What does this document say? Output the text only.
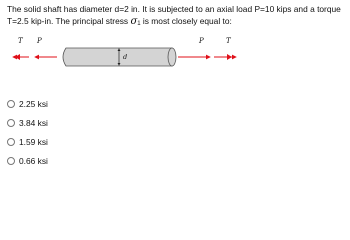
The solid shaft has diameter d=2 in. It is subjected to an axial load P=10 kips and a torque T=2.5 kip-in. The principal stress σ1 is most closely equal to:
T P	P	T
d
2.25 ksi
3.84 ksi
1.59 ksi
0.66 ksi
